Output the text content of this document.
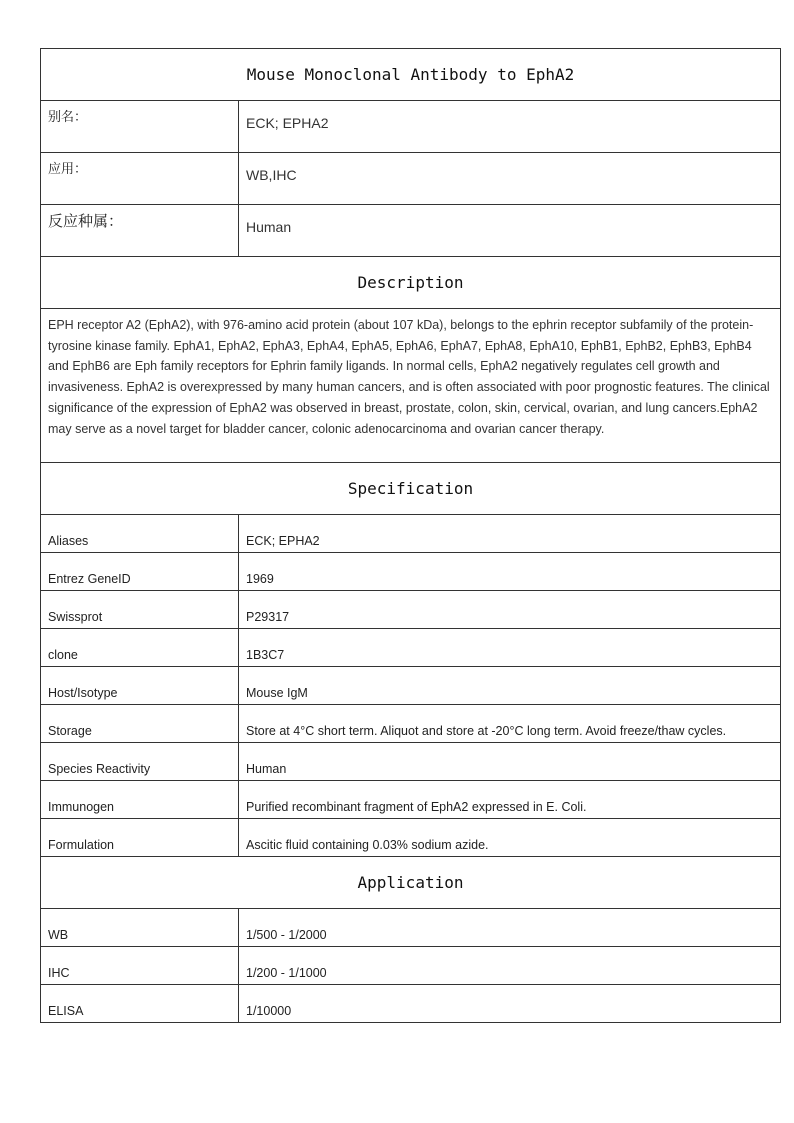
Mouse Monoclonal Antibody to EphA2
别名：	ECK; EPHA2
应用：	WB,IHC
反应种属：	Human
Description
EPH receptor A2 (EphA2), with 976-amino acid protein (about 107 kDa), belongs to the ephrin receptor subfamily of the protein-tyrosine kinase family. EphA1, EphA2, EphA3, EphA4, EphA5, EphA6, EphA7, EphA8, EphA10, EphB1, EphB2, EphB3, EphB4 and EphB6 are Eph family receptors for Ephrin family ligands. In normal cells, EphA2 negatively regulates cell growth and invasiveness. EphA2 is overexpressed by many human cancers, and is often associated with poor prognostic features. The clinical significance of the expression of EphA2 was observed in breast, prostate, colon, skin, cervical, ovarian, and lung cancers.EphA2 may serve as a novel target for bladder cancer, colonic adenocarcinoma and ovarian cancer therapy.
Specification
Aliases	ECK; EPHA2
Entrez GeneID	1969
Swissprot	P29317
clone	1B3C7
Host/Isotype	Mouse IgM
Storage	Store at 4°C short term. Aliquot and store at -20°C long term. Avoid freeze/thaw cycles.
Species Reactivity	Human
Immunogen	Purified recombinant fragment of EphA2 expressed in E. Coli.
Formulation	Ascitic fluid containing 0.03% sodium azide.
Application
WB	1/500 - 1/2000
IHC	1/200 - 1/1000
ELISA	1/10000
